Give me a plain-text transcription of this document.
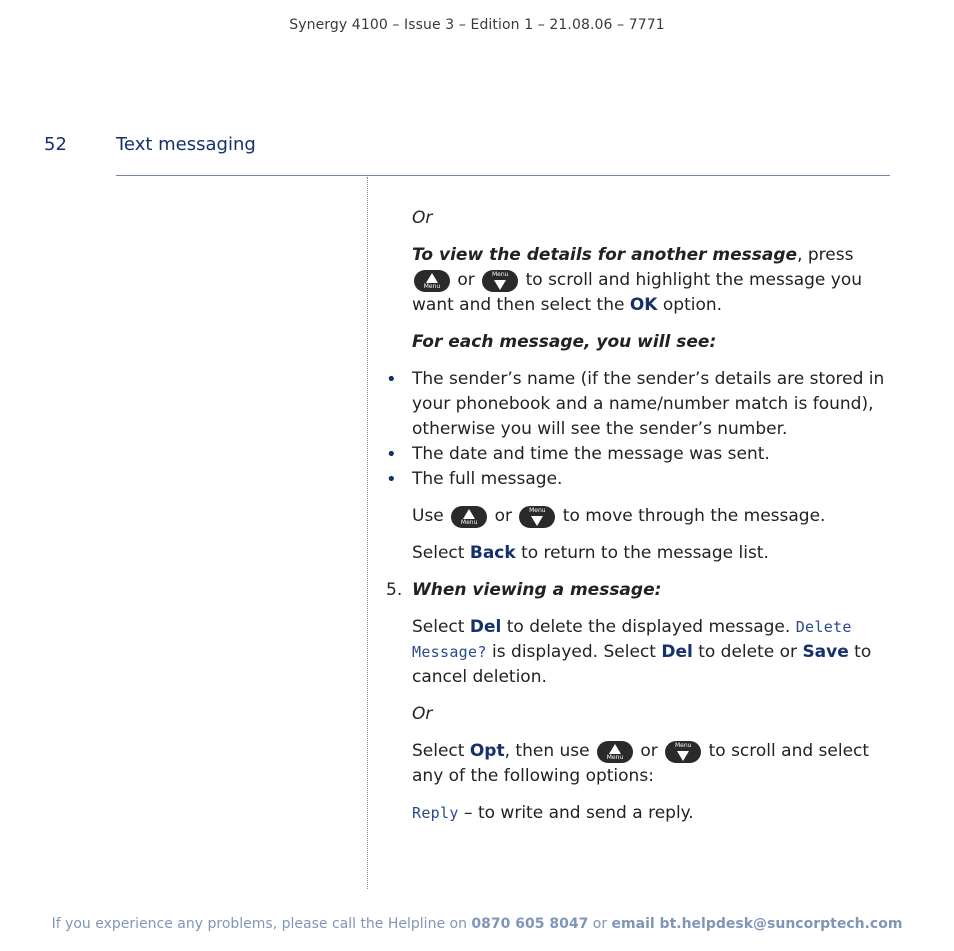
Synergy 4100 – Issue 3 – Edition 1 – 21.08.06 – 7771
52	Text messaging

Or

To view the details for another message, press
Menu or	Menu to scroll and highlight the message you want and then select the OK option.

For each message, you will see:

• The sender’s name (if the sender’s details are stored in your phonebook and a name/number match is found), otherwise you will see the sender’s number.
• The date and time the message was sent.
• The full message.

Use	Menu or	Menu to move through the message.

Select Back to return to the message list.

5. When viewing a message:

Select Del to delete the displayed message. Delete Message? is displayed. Select Del to delete or Save to cancel deletion.

Or

Select Opt, then use	Menu or	Menu to scroll and select any of the following options:

Reply – to write and send a reply.

If you experience any problems, please call the Helpline on 0870 605 8047 or email bt.helpdesk@suncorptech.com
